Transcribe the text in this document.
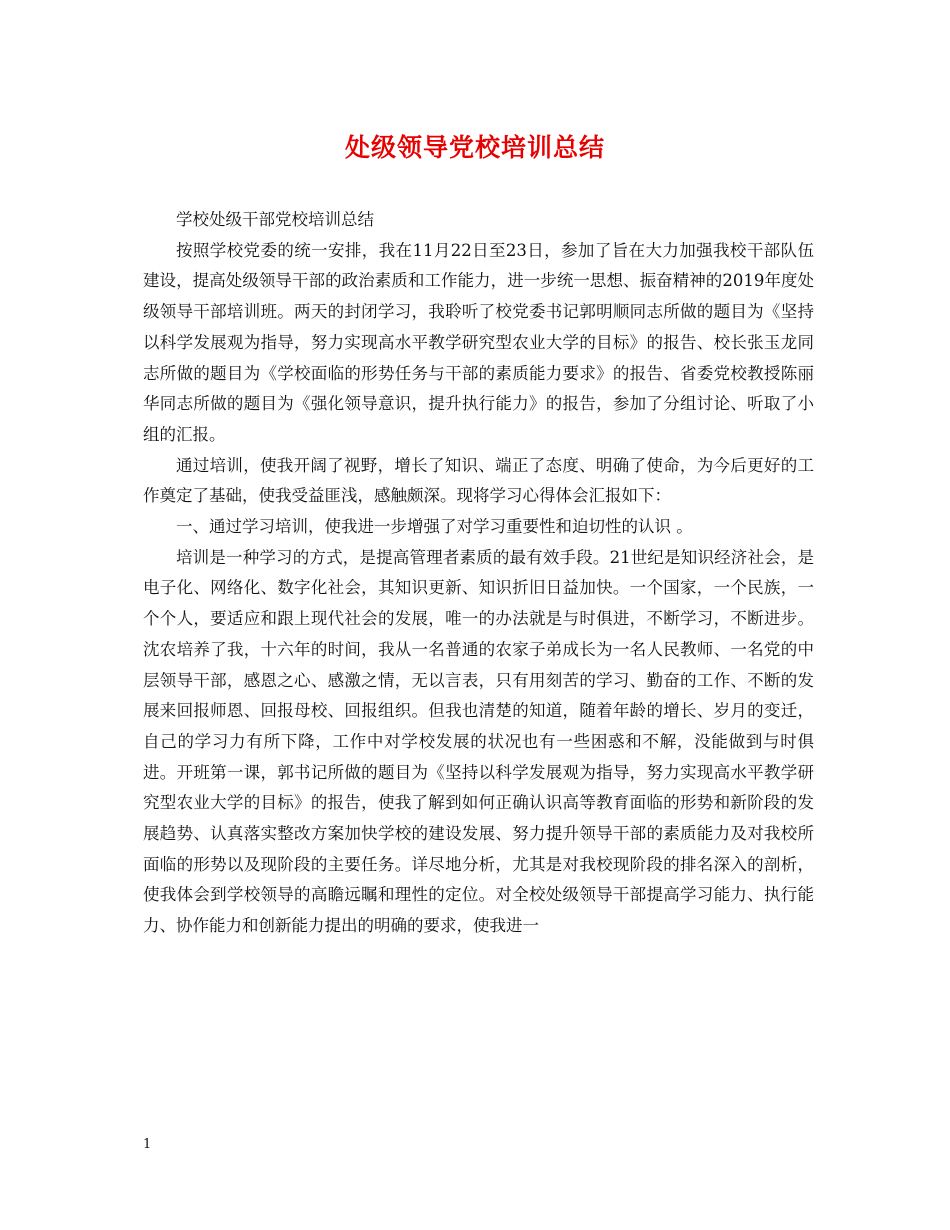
处级领导党校培训总结

学校处级干部党校培训总结

按照学校党委的统一安排，我在11月22日至23日，参加了旨在大力加强我校干部队伍建设，提高处级领导干部的政治素质和工作能力，进一步统一思想、振奋精神的2019年度处级领导干部培训班。两天的封闭学习，我聆听了校党委书记郭明顺同志所做的题目为《坚持以科学发展观为指导，努力实现高水平教学研究型农业大学的目标》的报告、校长张玉龙同志所做的题目为《学校面临的形势任务与干部的素质能力要求》的报告、省委党校教授陈丽华同志所做的题目为《强化领导意识，提升执行能力》的报告，参加了分组讨论、听取了小组的汇报。

通过培训，使我开阔了视野，增长了知识、端正了态度、明确了使命，为今后更好的工作奠定了基础，使我受益匪浅，感触颇深。现将学习心得体会汇报如下：

一、通过学习培训，使我进一步增强了对学习重要性和迫切性的认识 。

培训是一种学习的方式，是提高管理者素质的最有效手段。21世纪是知识经济社会，是电子化、网络化、数字化社会，其知识更新、知识折旧日益加快。一个国家，一个民族，一个个人，要适应和跟上现代社会的发展，唯一的办法就是与时俱进，不断学习，不断进步。沈农培养了我，十六年的时间，我从一名普通的农家子弟成长为一名人民教师、一名党的中层领导干部，感恩之心、感激之情，无以言表，只有用刻苦的学习、勤奋的工作、不断的发展来回报师恩、回报母校、回报组织。但我也清楚的知道，随着年龄的增长、岁月的变迁，自己的学习力有所下降，工作中对学校发展的状况也有一些困惑和不解，没能做到与时俱进。开班第一课，郭书记所做的题目为《坚持以科学发展观为指导，努力实现高水平教学研究型农业大学的目标》的报告，使我了解到如何正确认识高等教育面临的形势和新阶段的发展趋势、认真落实整改方案加快学校的建设发展、努力提升领导干部的素质能力及对我校所面临的形势以及现阶段的主要任务。详尽地分析，尤其是对我校现阶段的排名深入的剖析，使我体会到学校领导的高瞻远瞩和理性的定位。对全校处级领导干部提高学习能力、执行能力、协作能力和创新能力提出的明确的要求，使我进一

1
